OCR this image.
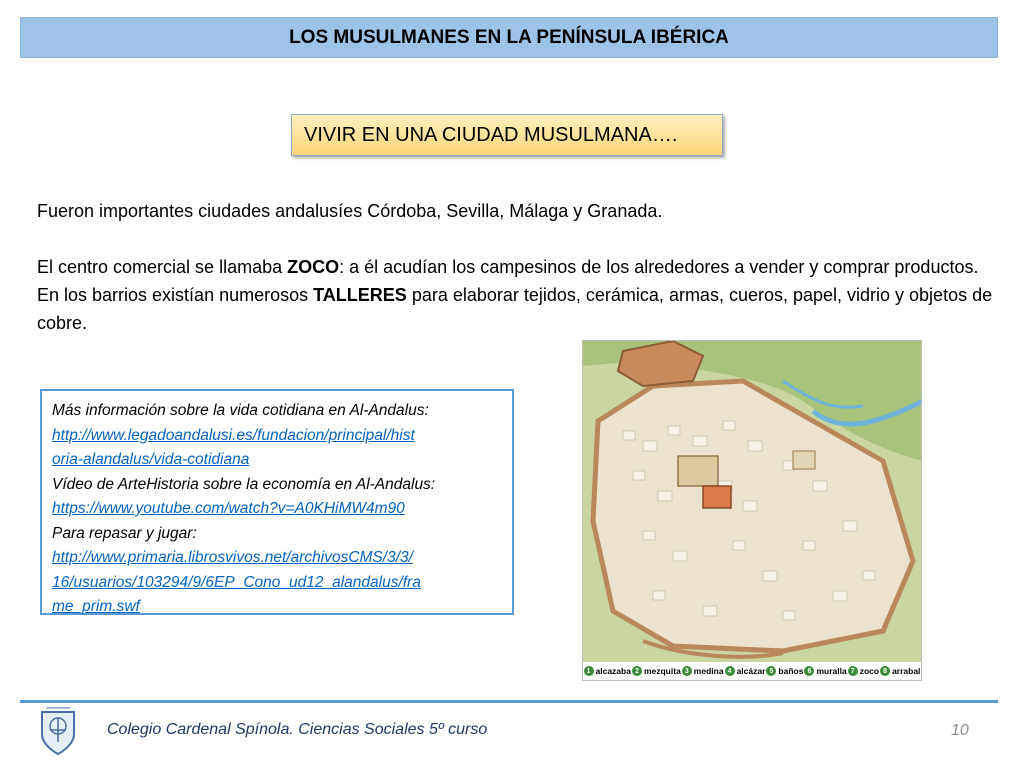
LOS MUSULMANES EN LA PENÍNSULA IBÉRICA
VIVIR EN UNA CIUDAD MUSULMANA….

Fueron importantes ciudades andalusíes Córdoba, Sevilla, Málaga y Granada.

El centro comercial se llamaba ZOCO: a él acudían los campesinos de los alrededores a vender y comprar productos. En los barrios existían numerosos TALLERES para elaborar tejidos, cerámica, armas, cueros, papel, vidrio y objetos de cobre.

Más información sobre la vida cotidiana en Al-Andalus:
http://www.legadoandalusi.es/fundacion/principal/hist
oria-alandalus/vida-cotidiana
Vídeo de ArteHistoria sobre la economía en Al-Andalus:
https://www.youtube.com/watch?v=A0KHiMW4m90
Para repasar y jugar:
http://www.primaria.librosvivos.net/archivosCMS/3/3/
16/usuarios/103294/9/6EP_Cono_ud12_alandalus/fra
me_prim.swf
1 alcazaba 2 mezquita 3 medina 4 alcázar 5 baños 6 muralla 7 zoco 8 arrabal
Colegio Cardenal Spínola. Ciencias Sociales 5º curso	10
